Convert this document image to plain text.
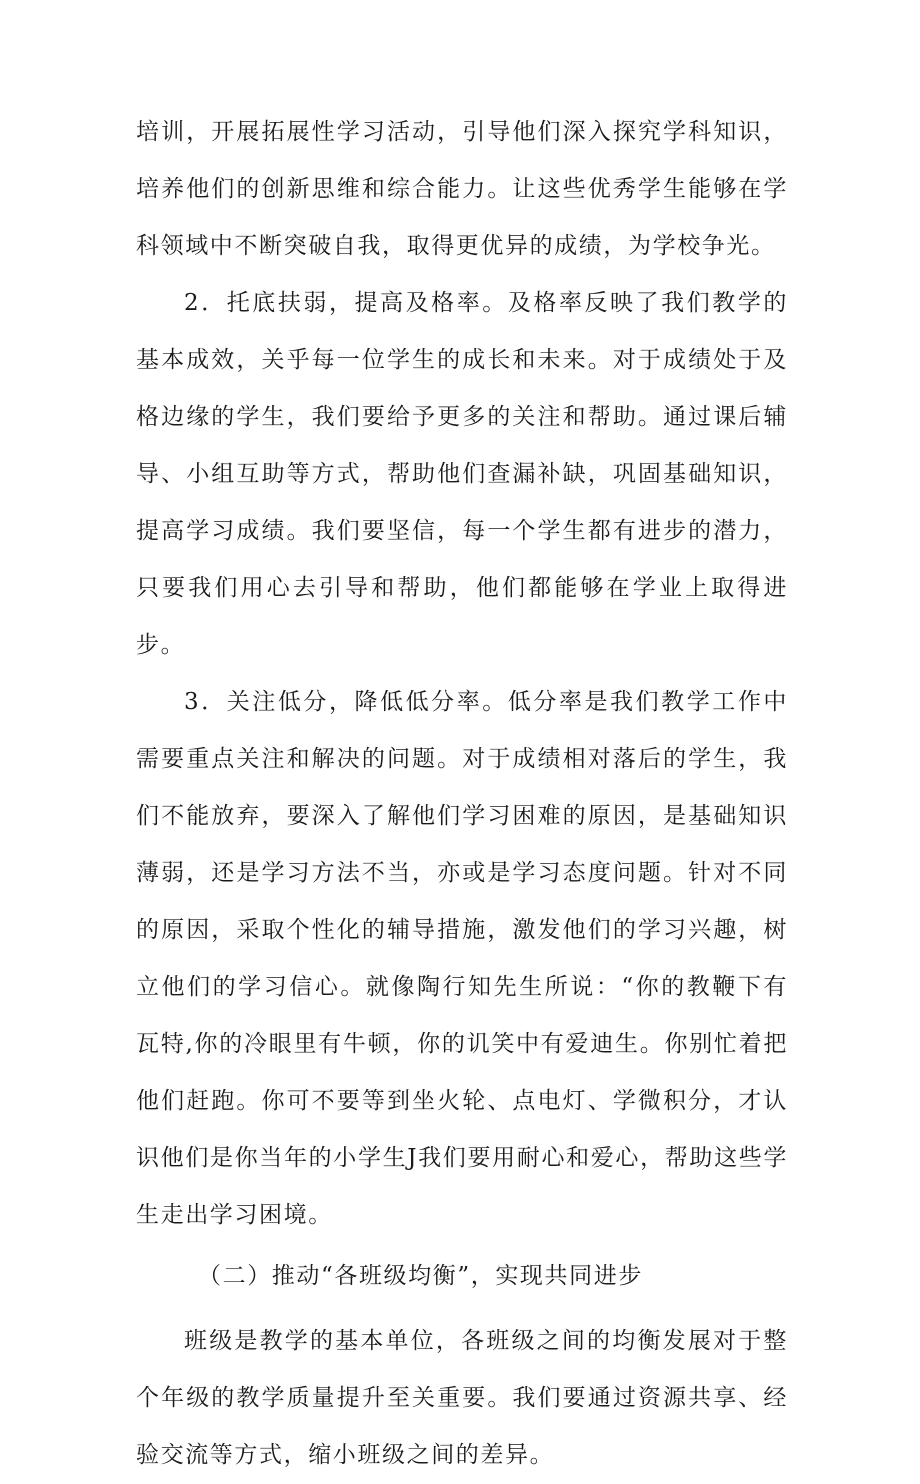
培训，开展拓展性学习活动，引导他们深入探究学科知识，培养他们的创新思维和综合能力。让这些优秀学生能够在学科领域中不断突破自我，取得更优异的成绩，为学校争光。

2．托底扶弱，提高及格率。及格率反映了我们教学的基本成效，关乎每一位学生的成长和未来。对于成绩处于及格边缘的学生，我们要给予更多的关注和帮助。通过课后辅导、小组互助等方式，帮助他们查漏补缺，巩固基础知识，提高学习成绩。我们要坚信，每一个学生都有进步的潜力，只要我们用心去引导和帮助，他们都能够在学业上取得进步。

3．关注低分，降低低分率。低分率是我们教学工作中需要重点关注和解决的问题。对于成绩相对落后的学生，我们不能放弃，要深入了解他们学习困难的原因，是基础知识薄弱，还是学习方法不当，亦或是学习态度问题。针对不同的原因，采取个性化的辅导措施，激发他们的学习兴趣，树立他们的学习信心。就像陶行知先生所说：“你的教鞭下有瓦特,你的冷眼里有牛顿，你的讥笑中有爱迪生。你别忙着把他们赶跑。你可不要等到坐火轮、点电灯、学微积分，才认识他们是你当年的小学生J我们要用耐心和爱心，帮助这些学生走出学习困境。

（二）推动“各班级均衡”，实现共同进步

班级是教学的基本单位，各班级之间的均衡发展对于整个年级的教学质量提升至关重要。我们要通过资源共享、经验交流等方式，缩小班级之间的差异。
